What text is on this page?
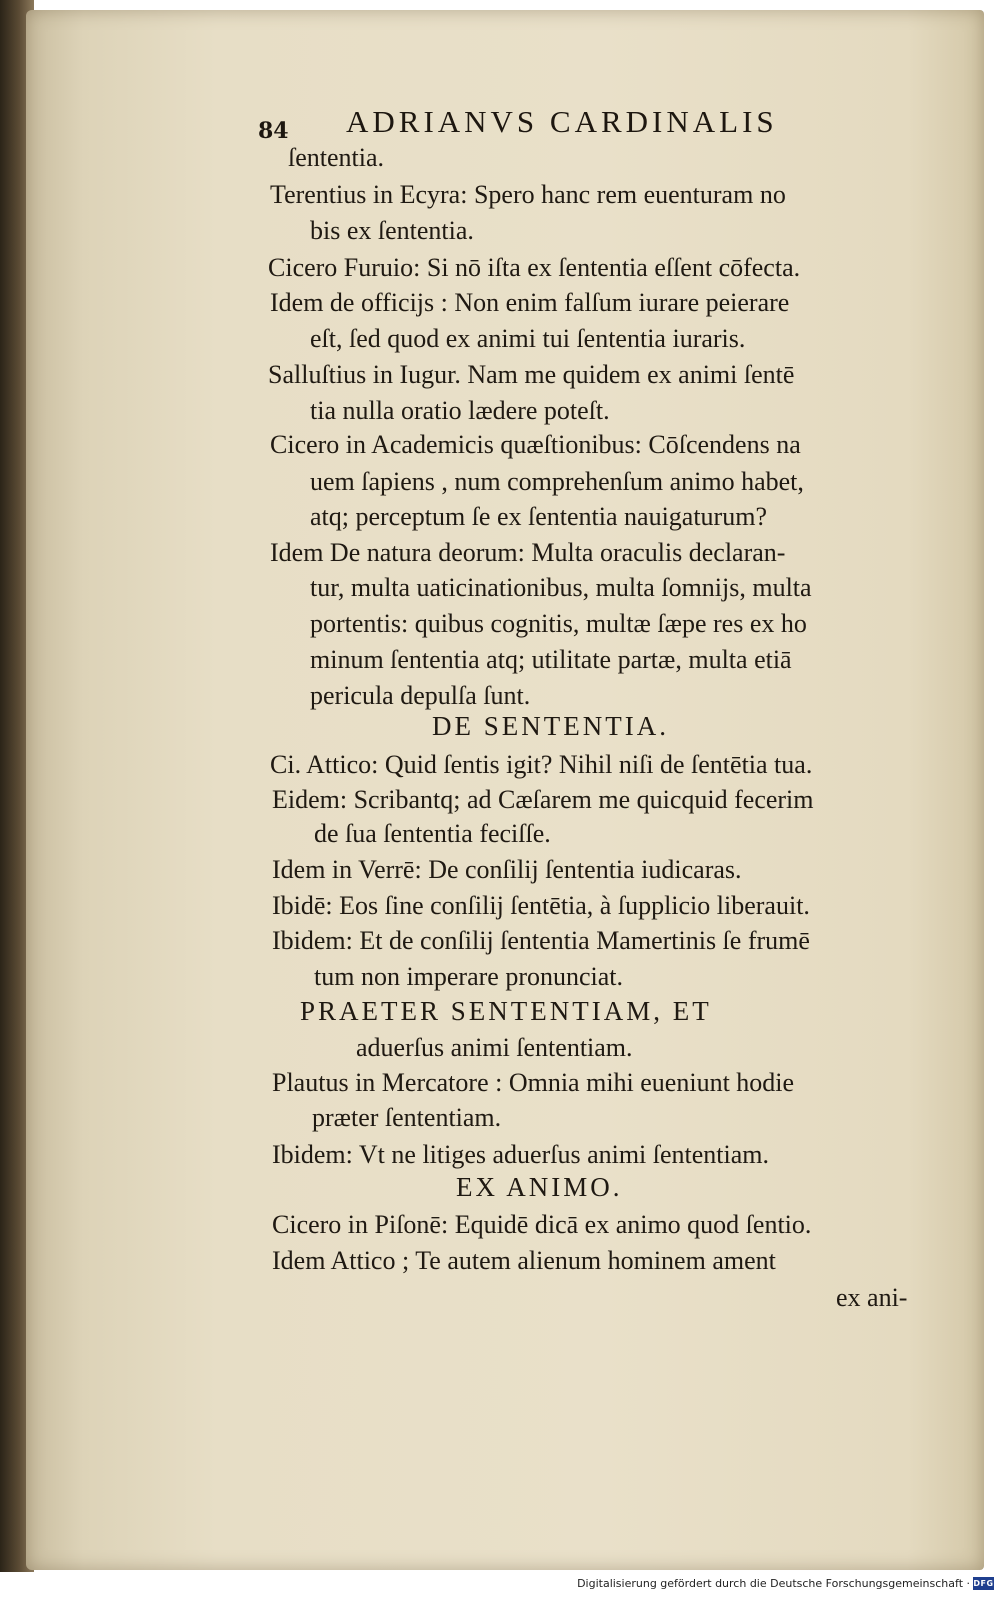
84 ADRIANVS CARDINALIS
ſententia.
Terentius in Ecyra: Spero hanc rem euenturam no
bis ex ſententia.
Cicero Furuio: Si nō iſta ex ſententia eſſent cōfecta.
Idem de officijs : Non enim falſum iurare peierare
eſt, ſed quod ex animi tui ſententia iuraris.
Salluſtius in Iugur. Nam me quidem ex animi ſentē
tia nulla oratio lædere poteſt.
Cicero in Academicis quæſtionibus: Cōſcendens na
uem ſapiens , num comprehenſum animo habet,
atq; perceptum ſe ex ſententia nauigaturum?
Idem De natura deorum: Multa oraculis declaran-
tur, multa uaticinationibus, multa ſomnijs, multa
portentis: quibus cognitis, multæ ſæpe res ex ho
minum ſententia atq; utilitate partæ, multa etiā
pericula depulſa ſunt.
DE SENTENTIA.
Ci. Attico: Quid ſentis igit? Nihil niſi de ſentētia tua.
Eidem: Scribantq; ad Cæſarem me quicquid fecerim
de ſua ſententia feciſſe.
Idem in Verrē: De conſilij ſententia iudicaras.
Ibidē: Eos ſine conſilij ſentētia, à ſupplicio liberauit.
Ibidem: Et de conſilij ſententia Mamertinis ſe frumē
tum non imperare pronunciat.
PRAETER SENTENTIAM, ET
aduerſus animi ſententiam.
Plautus in Mercatore : Omnia mihi eueniunt hodie
præter ſententiam.
Ibidem: Vt ne litiges aduerſus animi ſententiam.
EX ANIMO.
Cicero in Piſonē: Equidē dicā ex animo quod ſentio.
Idem Attico ; Te autem alienum hominem ament
ex ani-
Digitalisierung gefördert durch die Deutsche Forschungsgemeinschaft · DFG
